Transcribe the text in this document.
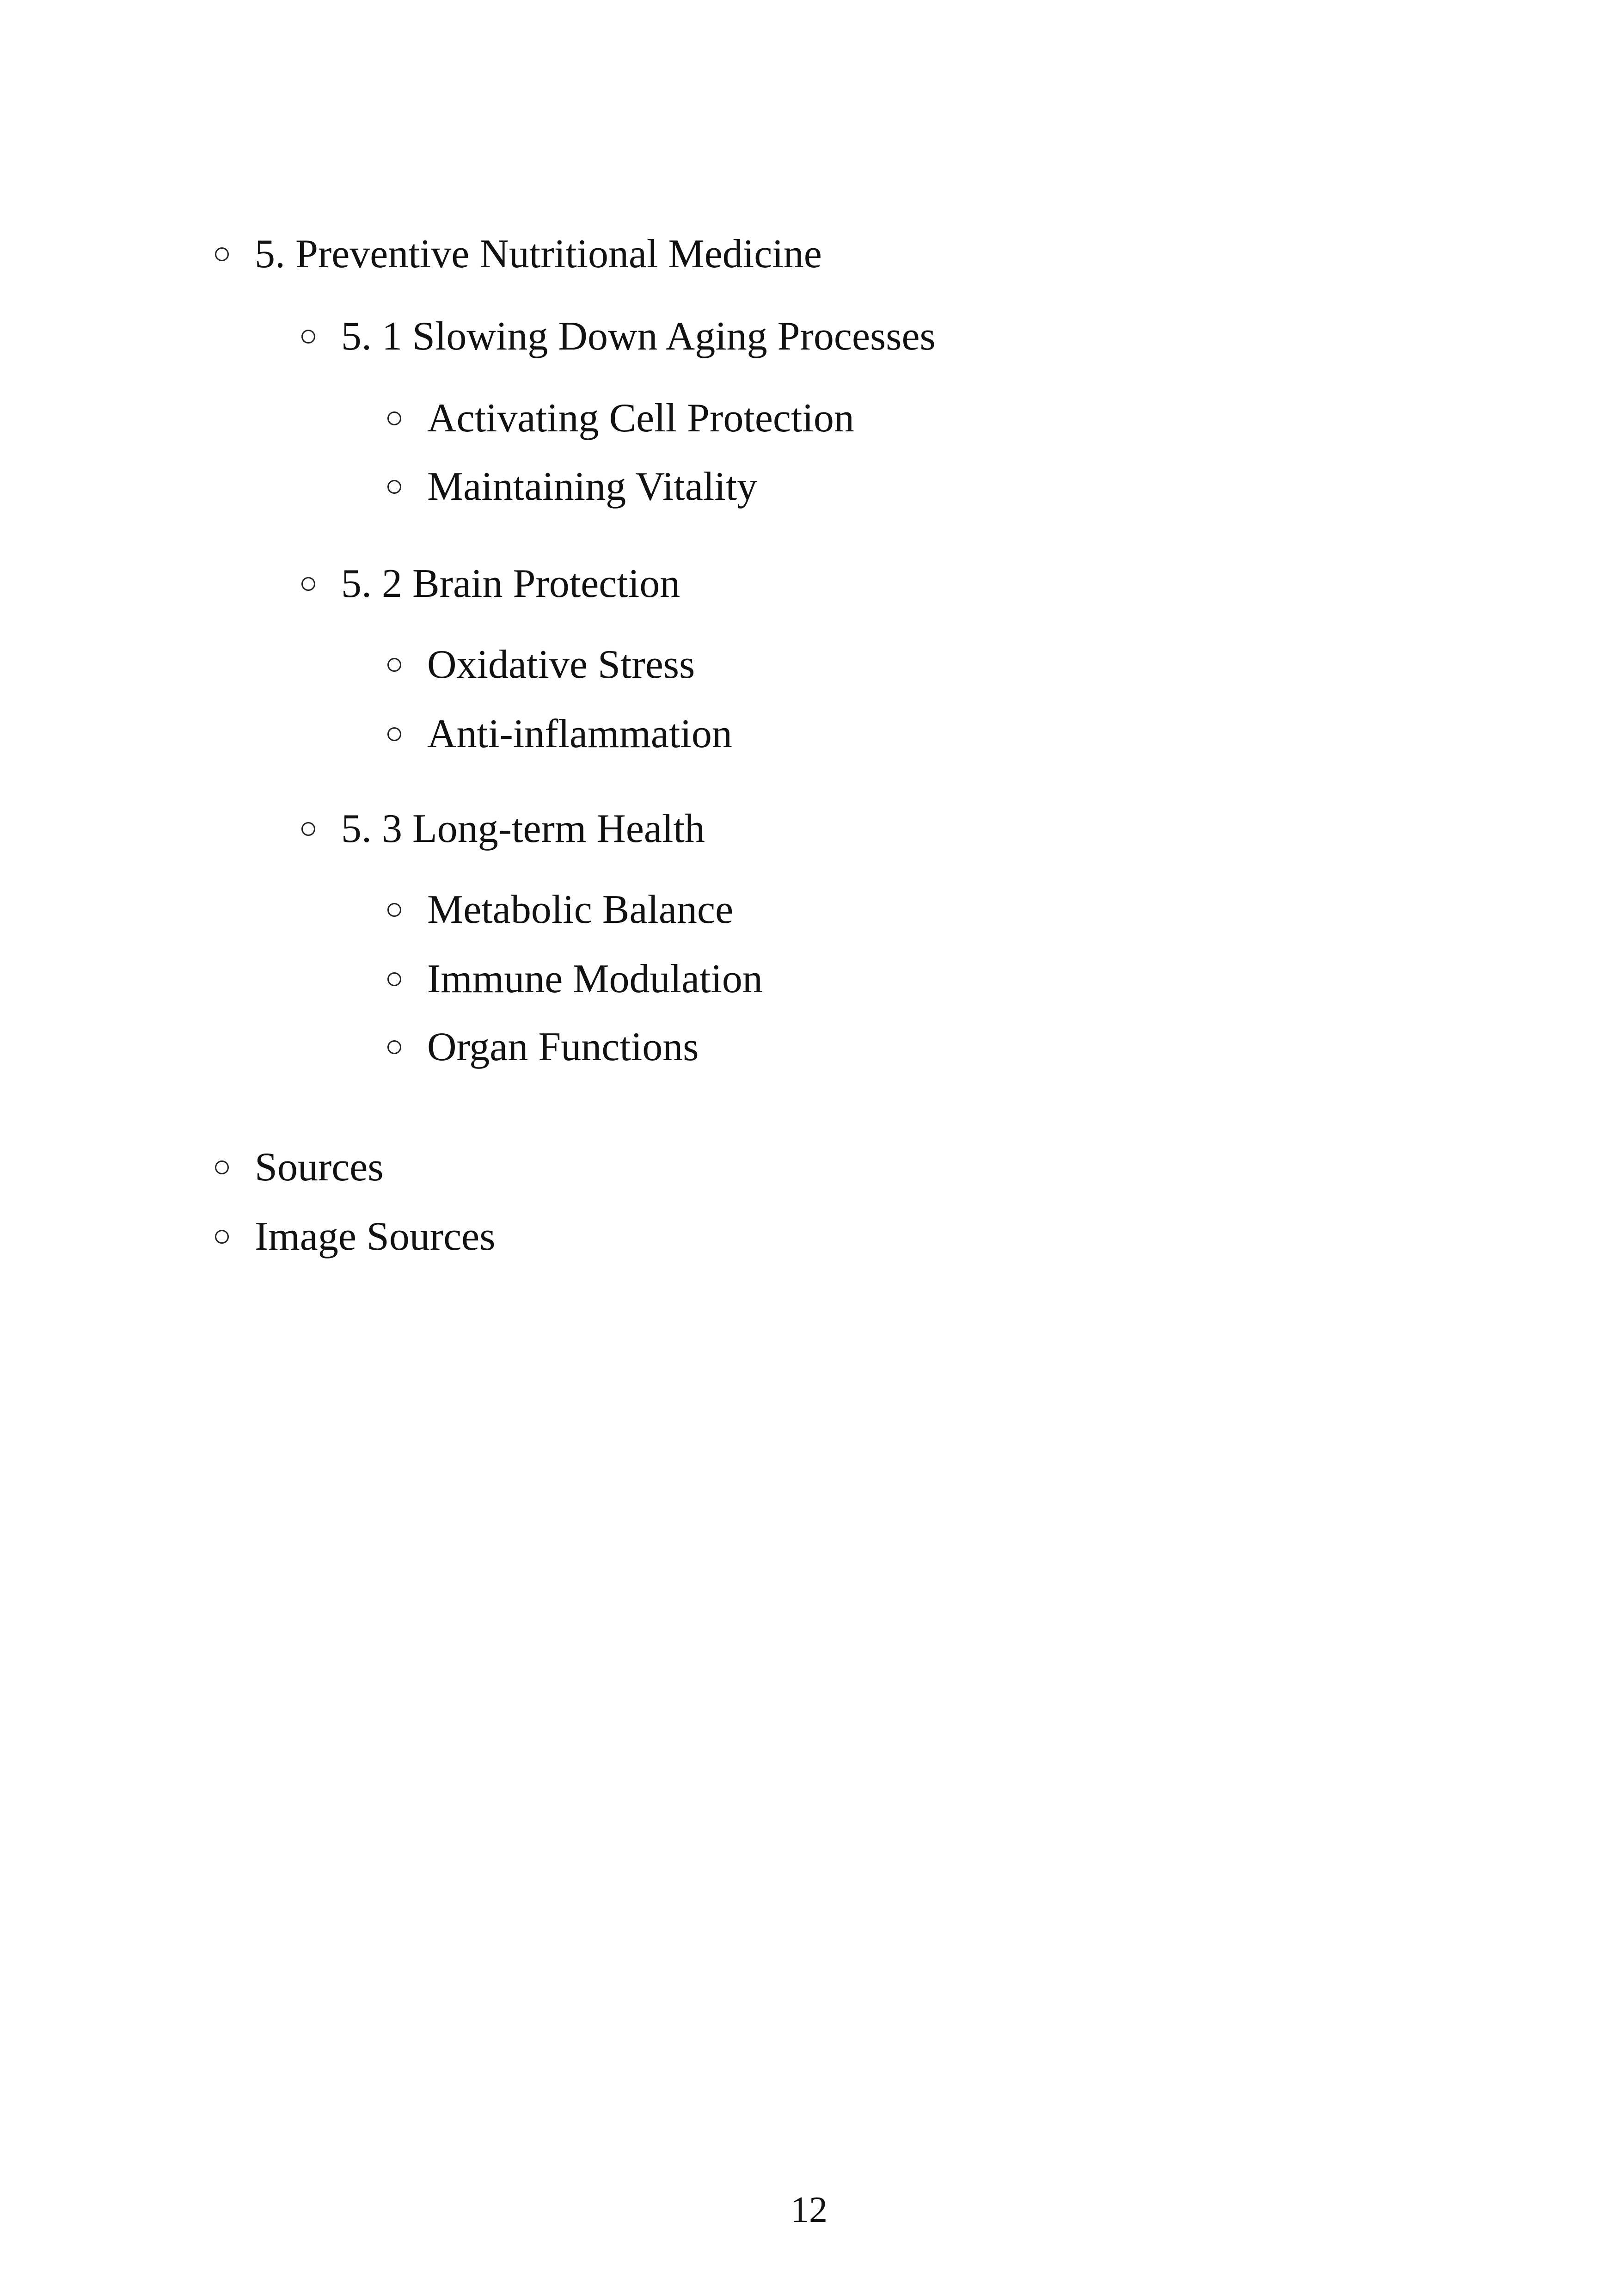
5. Preventive Nutritional Medicine
5. 1 Slowing Down Aging Processes
Activating Cell Protection
Maintaining Vitality
5. 2 Brain Protection
Oxidative Stress
Anti-inflammation
5. 3 Long-term Health
Metabolic Balance
Immune Modulation
Organ Functions
Sources
Image Sources
12
